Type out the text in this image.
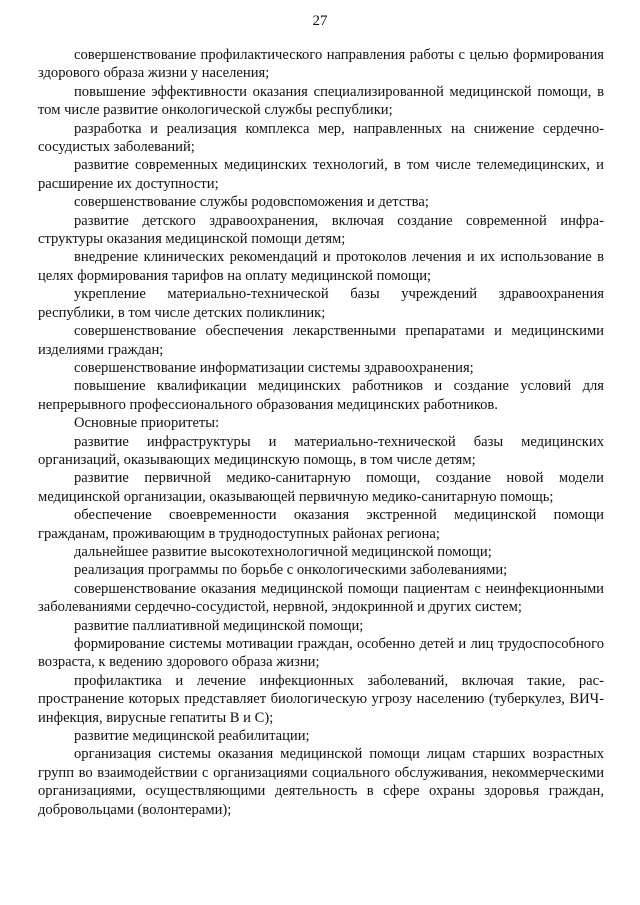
27

совершенствование профилактического направления работы с целью формирования здорового образа жизни у населения;

повышение эффективности оказания специализированной медицинской помощи, в том числе развитие онкологической службы республики;

разработка и реализация комплекса мер, направленных на снижение сердечно-сосудистых заболеваний;

развитие современных медицинских технологий, в том числе телемедицинских, и расширение их доступности;

совершенствование службы родовспоможения и детства;

развитие детского здравоохранения, включая создание современной инфраструктуры оказания медицинской помощи детям;

внедрение клинических рекомендаций и протоколов лечения и их использование в целях формирования тарифов на оплату медицинской помощи;

укрепление материально-технической базы учреждений здравоохранения республики, в том числе детских поликлиник;

совершенствование обеспечения лекарственными препаратами и медицинскими изделиями граждан;

совершенствование информатизации системы здравоохранения;

повышение квалификации медицинских работников и создание условий для непрерывного профессионального образования медицинских работников.

Основные приоритеты:

развитие инфраструктуры и материально-технической базы медицинских организаций, оказывающих медицинскую помощь, в том числе детям;

развитие первичной медико-санитарную помощи, создание новой модели медицинской организации, оказывающей первичную медико-санитарную помощь;

обеспечение своевременности оказания экстренной медицинской помощи гражданам, проживающим в труднодоступных районах региона;

дальнейшее развитие высокотехнологичной медицинской помощи;

реализация программы по борьбе с онкологическими заболеваниями;

совершенствование оказания медицинской помощи пациентам с неинфекционными заболеваниями сердечно-сосудистой, нервной, эндокринной и других систем;

развитие паллиативной медицинской помощи;

формирование системы мотивации граждан, особенно детей и лиц трудоспособного возраста, к ведению здорового образа жизни;

профилактика и лечение инфекционных заболеваний, включая такие, распространение которых представляет биологическую угрозу населению (туберкулез, ВИЧ-инфекция, вирусные гепатиты В и С);

развитие медицинской реабилитации;

организация системы оказания медицинской помощи лицам старших возрастных групп во взаимодействии с организациями социального обслуживания, некоммерческими организациями, осуществляющими деятельность в сфере охраны здоровья граждан, добровольцами (волонтерами);
